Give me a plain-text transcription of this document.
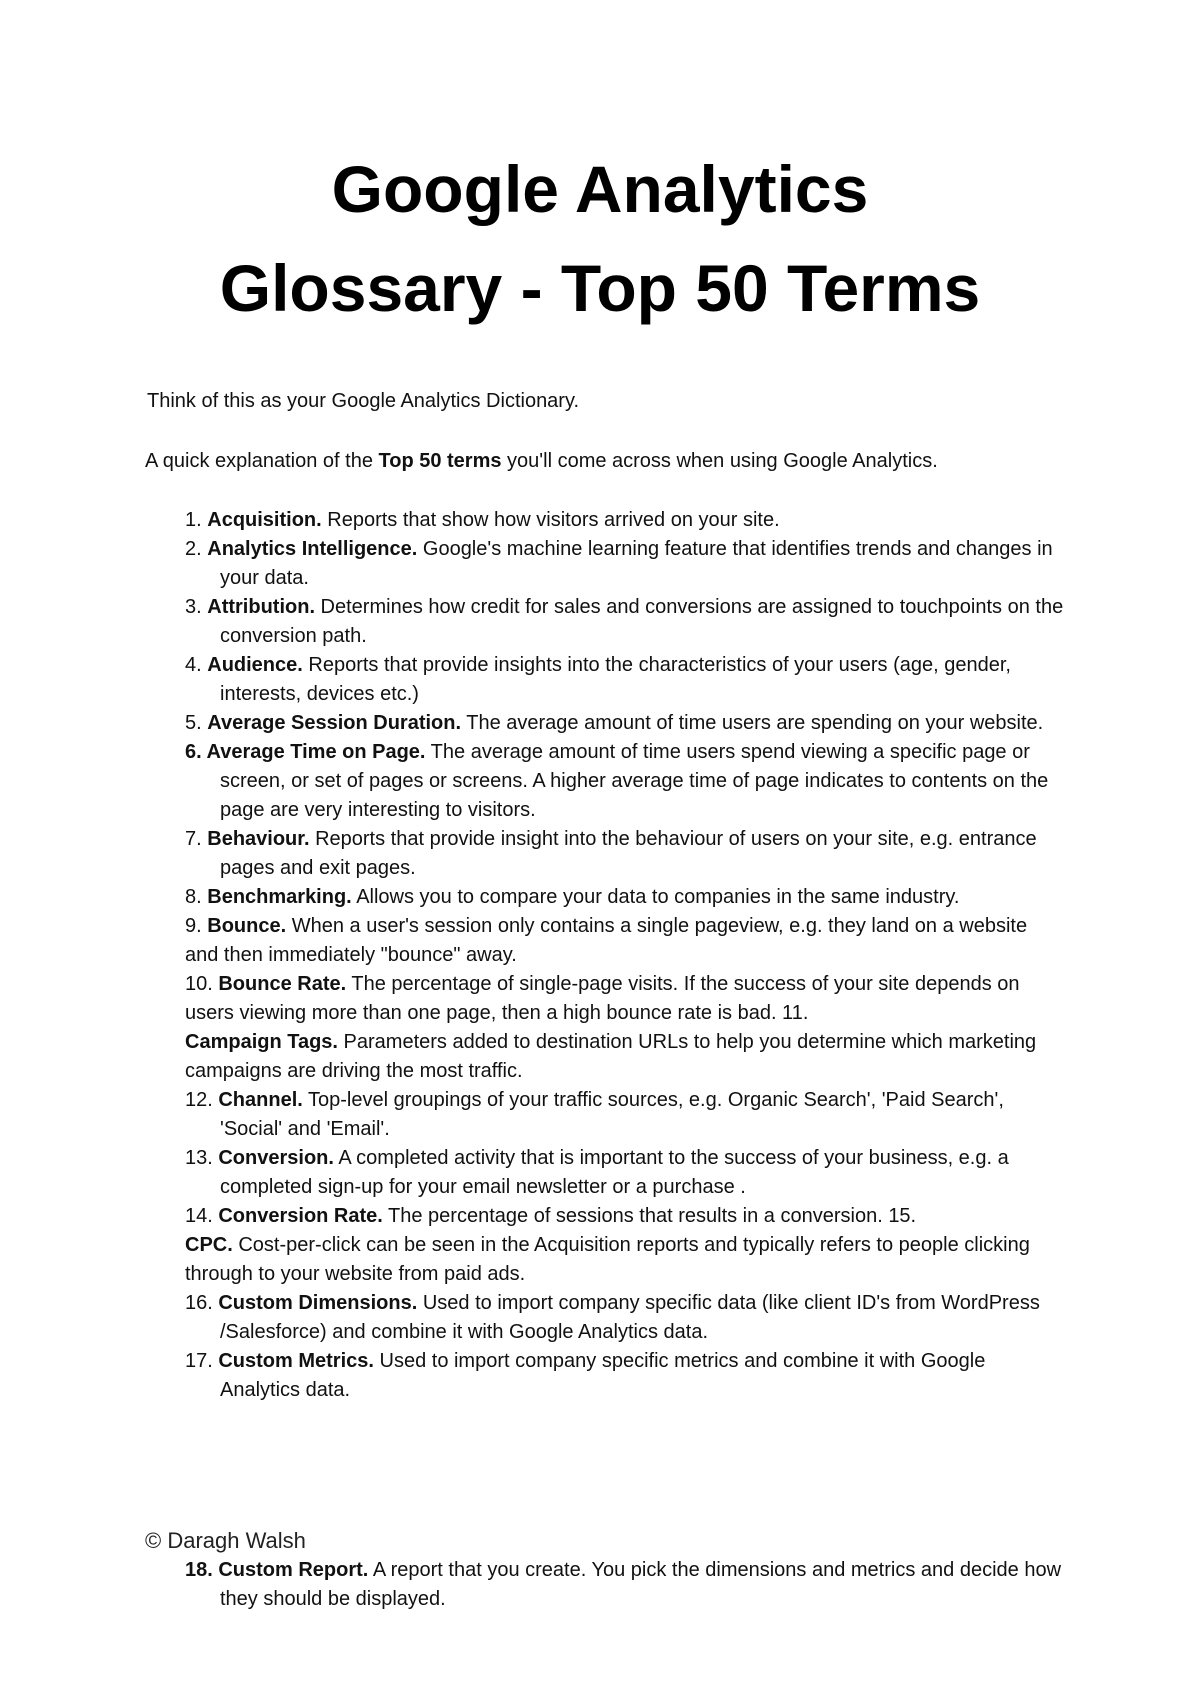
Google Analytics
Glossary - Top 50 Terms

Think of this as your Google Analytics Dictionary.

A quick explanation of the Top 50 terms you'll come across when using Google Analytics.

1. Acquisition. Reports that show how visitors arrived on your site.

2. Analytics Intelligence. Google's machine learning feature that identifies trends and changes in your data.

3. Attribution. Determines how credit for sales and conversions are assigned to touchpoints on the conversion path.

4. Audience. Reports that provide insights into the characteristics of your users (age, gender, interests, devices etc.)

5. Average Session Duration. The average amount of time users are spending on your website.

6. Average Time on Page. The average amount of time users spend viewing a specific page or screen, or set of pages or screens. A higher average time of page indicates to contents on the page are very interesting to visitors.

7. Behaviour. Reports that provide insight into the behaviour of users on your site, e.g. entrance pages and exit pages.

8. Benchmarking. Allows you to compare your data to companies in the same industry.

9. Bounce. When a user's session only contains a single pageview, e.g. they land on a website and then immediately "bounce" away.

10. Bounce Rate. The percentage of single-page visits. If the success of your site depends on users viewing more than one page, then a high bounce rate is bad. 11.

Campaign Tags. Parameters added to destination URLs to help you determine which marketing campaigns are driving the most traffic.

12. Channel. Top-level groupings of your traffic sources, e.g. Organic Search', 'Paid Search', 'Social' and 'Email'.

13. Conversion. A completed activity that is important to the success of your business, e.g. a completed sign-up for your email newsletter or a purchase .

14. Conversion Rate. The percentage of sessions that results in a conversion. 15.

CPC. Cost-per-click can be seen in the Acquisition reports and typically refers to people clicking through to your website from paid ads.

16. Custom Dimensions. Used to import company specific data (like client ID's from WordPress /Salesforce) and combine it with Google Analytics data.

17. Custom Metrics. Used to import company specific metrics and combine it with Google Analytics data.

© Daragh Walsh

18. Custom Report. A report that you create. You pick the dimensions and metrics and decide how they should be displayed.
